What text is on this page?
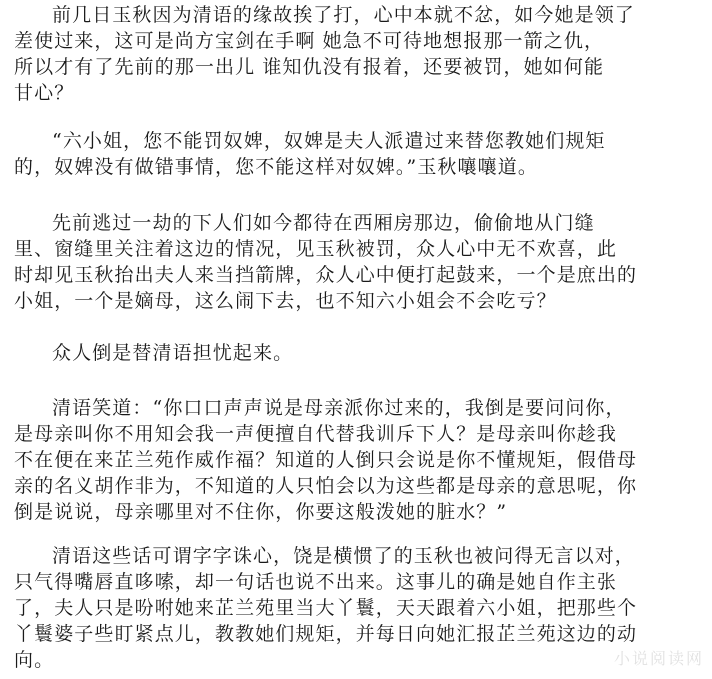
前几日玉秋因为清语的缘故挨了打，心中本就不忿，如今她是领了
差使过来，这可是尚方宝剑在手啊 她急不可待地想报那一箭之仇，
所以才有了先前的那一出儿 谁知仇没有报着，还要被罚，她如何能
甘心？
“六小姐，您不能罚奴婢，奴婢是夫人派遣过来替您教她们规矩
的，奴婢没有做错事情，您不能这样对奴婢。”玉秋嚷嚷道。
先前逃过一劫的下人们如今都待在西厢房那边，偷偷地从门缝
里、窗缝里关注着这边的情况，见玉秋被罚，众人心中无不欢喜，此
时却见玉秋抬出夫人来当挡箭牌，众人心中便打起鼓来，一个是庶出的
小姐，一个是嫡母，这么闹下去，也不知六小姐会不会吃亏？
众人倒是替清语担忧起来。
清语笑道：“你口口声声说是母亲派你过来的，我倒是要问问你，
是母亲叫你不用知会我一声便擅自代替我训斥下人？是母亲叫你趁我
不在便在来芷兰苑作威作福？知道的人倒只会说是你不懂规矩，假借母
亲的名义胡作非为，不知道的人只怕会以为这些都是母亲的意思呢，你
倒是说说，母亲哪里对不住你，你要这般泼她的脏水？”
清语这些话可谓字字诛心，饶是横惯了的玉秋也被问得无言以对，
只气得嘴唇直哆嗦，却一句话也说不出来。这事儿的确是她自作主张
了，夫人只是吩咐她来芷兰苑里当大丫鬟，天天跟着六小姐，把那些个
丫鬟婆子些盯紧点儿，教教她们规矩，并每日向她汇报芷兰苑这边的动
向。	小说阅读网
